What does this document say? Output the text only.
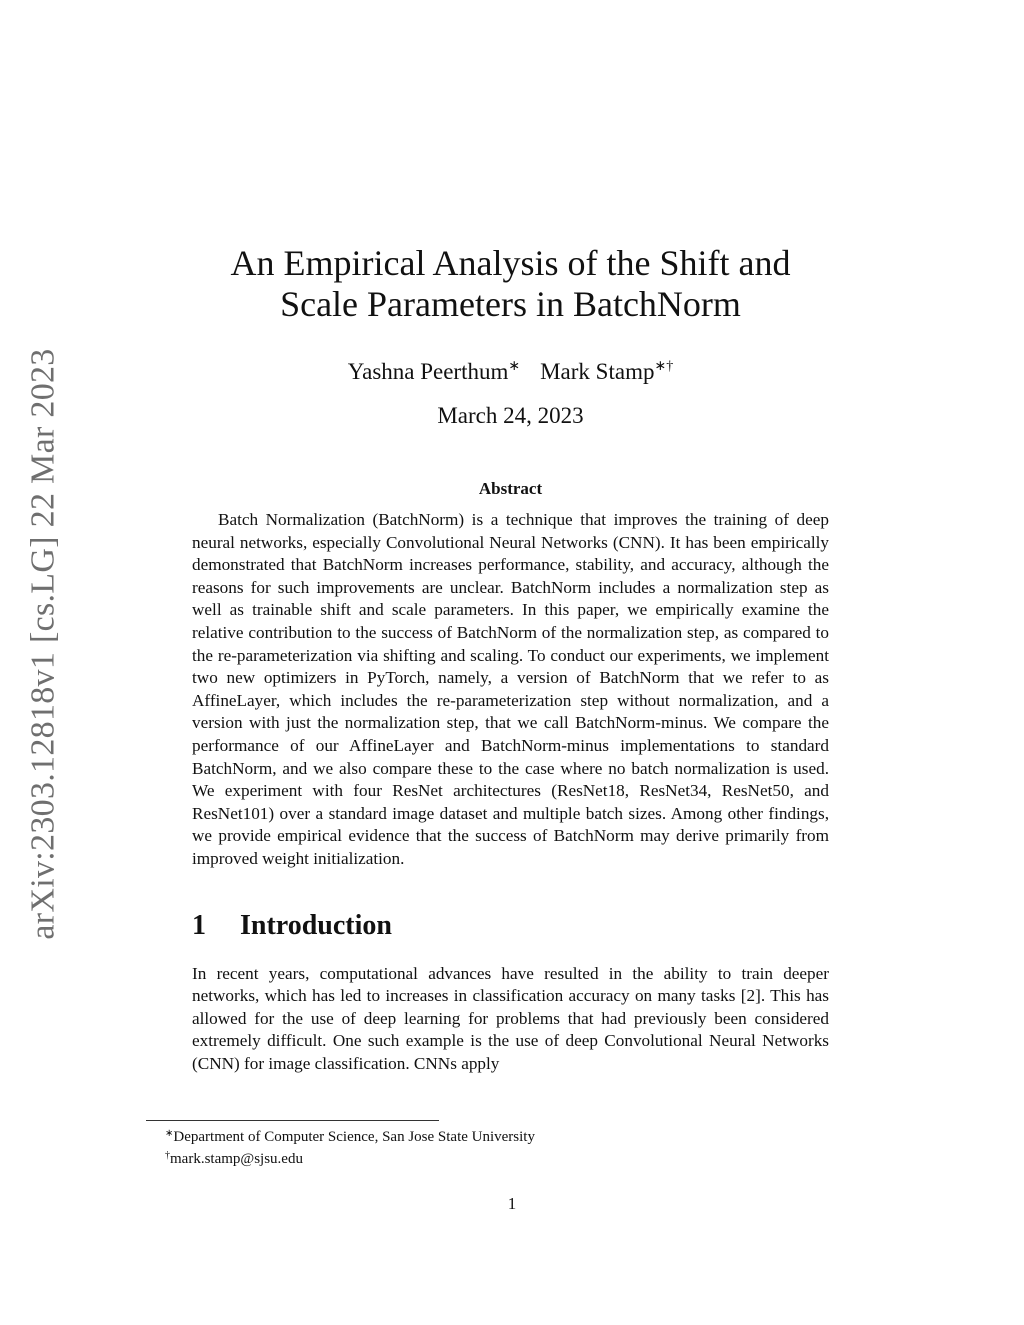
arXiv:2303.12818v1 [cs.LG] 22 Mar 2023
An Empirical Analysis of the Shift and Scale Parameters in BatchNorm
Yashna Peerthum∗ Mark Stamp∗†
March 24, 2023
Abstract

Batch Normalization (BatchNorm) is a technique that improves the training of deep neural networks, especially Convolutional Neural Networks (CNN). It has been empirically demonstrated that BatchNorm increases performance, stability, and accuracy, although the reasons for such improvements are unclear. BatchNorm includes a normalization step as well as trainable shift and scale parameters. In this paper, we empirically examine the relative contribution to the success of BatchNorm of the normalization step, as compared to the re-parameterization via shifting and scaling. To conduct our experiments, we implement two new optimizers in PyTorch, namely, a version of BatchNorm that we refer to as AffineLayer, which includes the re-parameterization step without normalization, and a version with just the normalization step, that we call BatchNorm-minus. We compare the performance of our AffineLayer and BatchNorm-minus implementations to standard BatchNorm, and we also compare these to the case where no batch normalization is used. We experiment with four ResNet architectures (ResNet18, ResNet34, ResNet50, and ResNet101) over a standard image dataset and multiple batch sizes. Among other findings, we provide empirical evidence that the success of BatchNorm may derive primarily from improved weight initialization.

1 Introduction

In recent years, computational advances have resulted in the ability to train deeper networks, which has led to increases in classification accuracy on many tasks [2]. This has allowed for the use of deep learning for problems that had previously been considered extremely difficult. One such example is the use of deep Convolutional Neural Networks (CNN) for image classification. CNNs apply

∗Department of Computer Science, San Jose State University
†mark.stamp@sjsu.edu
1
